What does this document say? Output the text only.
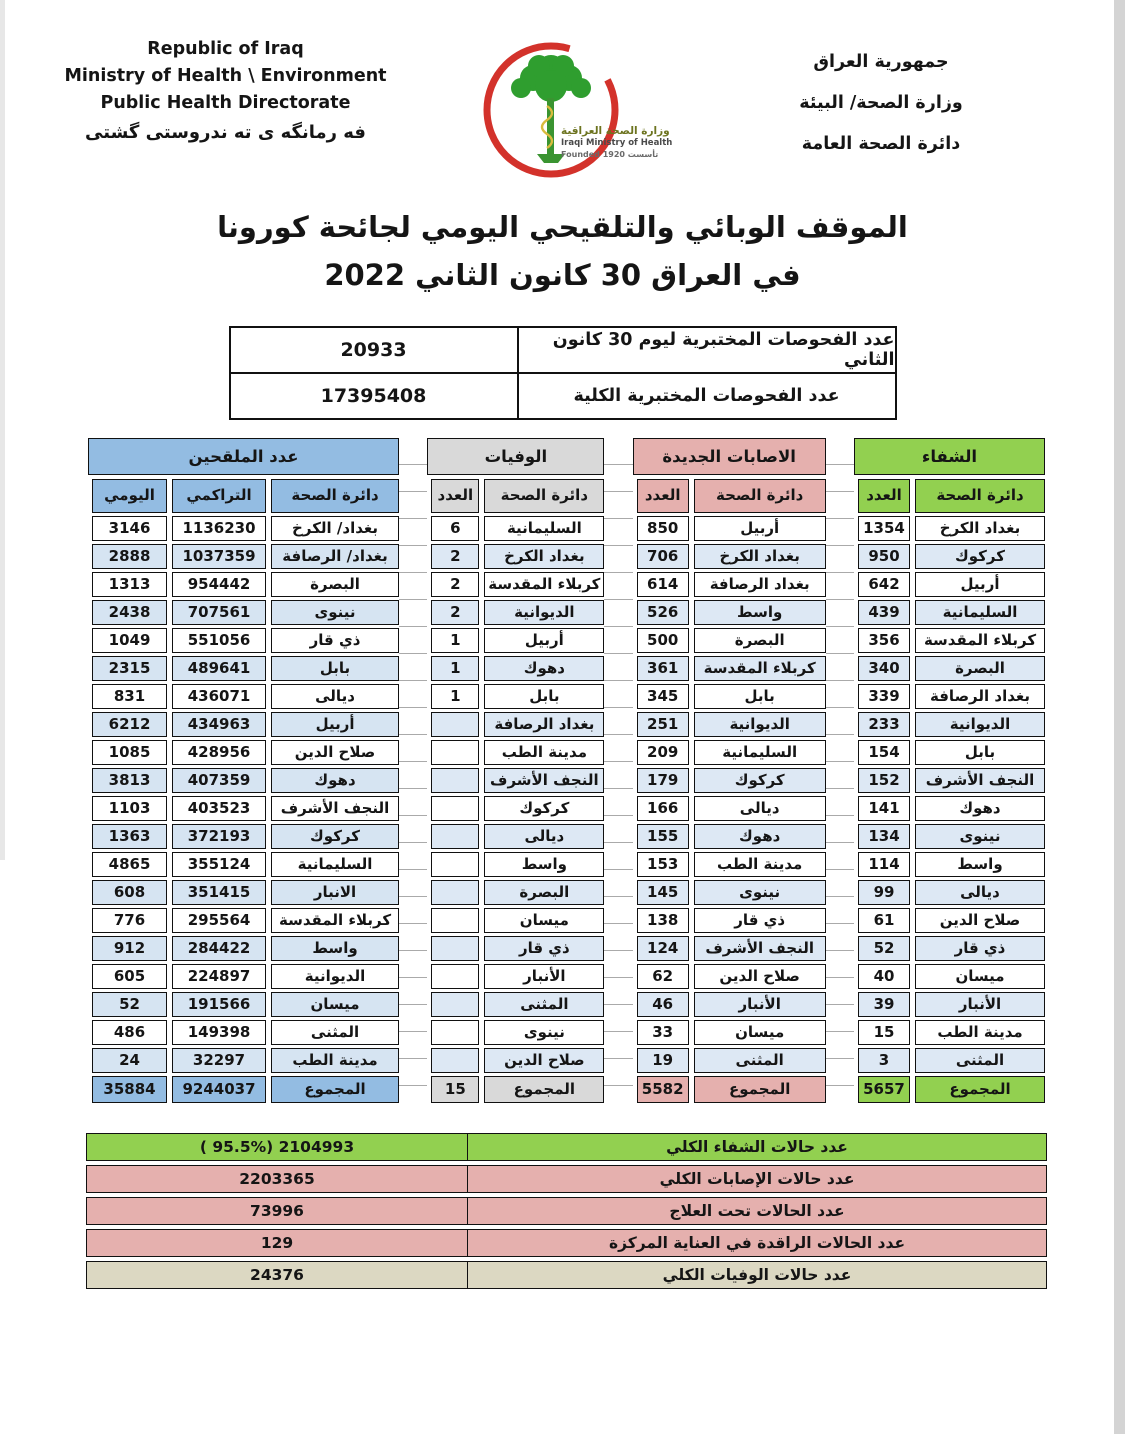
Republic of Iraq
Ministry of Health \ Environment
Public Health Directorate
فه رمانگه ی ته ندروستی گشتی	وزارة الصحة العراقية
Iraqi Ministry of Health
Founded 1920 تأسست
جمهورية العراق
وزارة الصحة/ البيئة
دائرة الصحة العامة
الموقف الوبائي والتلقيحي اليومي لجائحة كورونا
في العراق 30 كانون الثاني 2022
عدد الفحوصات المختبرية ليوم 30 كانون الثاني
20933
عدد الفحوصات المختبرية الكلية
17395408
الشفاء
دائرة الصحة
العدد
بغداد الكرخ
1354
كركوك
950
أربيل
642
السليمانية
439
كربلاء المقدسة
356
البصرة
340
بغداد الرصافة
339
الديوانية
233
بابل
154
النجف الأشرف
152
دهوك
141
نينوى
134
واسط
114
ديالى
99
صلاح الدين
61
ذي قار
52
ميسان
40
الأنبار
39
مدينة الطب
15
المثنى
3
المجموع
5657
الاصابات الجديدة
دائرة الصحة
العدد
أربيل
850
بغداد الكرخ
706
بغداد الرصافة
614
واسط
526
البصرة
500
كربلاء المقدسة
361
بابل
345
الديوانية
251
السليمانية
209
كركوك
179
ديالى
166
دهوك
155
مدينة الطب
153
نينوى
145
ذي قار
138
النجف الأشرف
124
صلاح الدين
62
الأنبار
46
ميسان
33
المثنى
19
المجموع
5582
الوفيات
دائرة الصحة
العدد
السليمانية
6
بغداد الكرخ
2
كربلاء المقدسة
2
الديوانية
2
أربيل
1
دهوك
1
بابل
1
بغداد الرصافة
مدينة الطب
النجف الأشرف
كركوك
ديالى
واسط
البصرة
ميسان
ذي قار
الأنبار
المثنى
نينوى
صلاح الدين
المجموع
15
عدد الملقحين
دائرة الصحة
التراكمي
اليومي
بغداد/ الكرخ
1136230
3146
بغداد/ الرصافة
1037359
2888
البصرة
954442
1313
نينوى
707561
2438
ذي قار
551056
1049
بابل
489641
2315
ديالى
436071
831
أربيل
434963
6212
صلاح الدين
428956
1085
دهوك
407359
3813
النجف الأشرف
403523
1103
كركوك
372193
1363
السليمانية
355124
4865
الانبار
351415
608
كربلاء المقدسة
295564
776
واسط
284422
912
الديوانية
224897
605
ميسان
191566
52
المثنى
149398
486
مدينة الطب
32297
24
المجموع
9244037
35884
عدد حالات الشفاء الكلي
( 95.5%) 2104993
عدد حالات الإصابات الكلي
2203365
عدد الحالات تحت العلاج
73996
عدد الحالات الراقدة في العناية المركزة
129
عدد حالات الوفيات الكلي
24376
